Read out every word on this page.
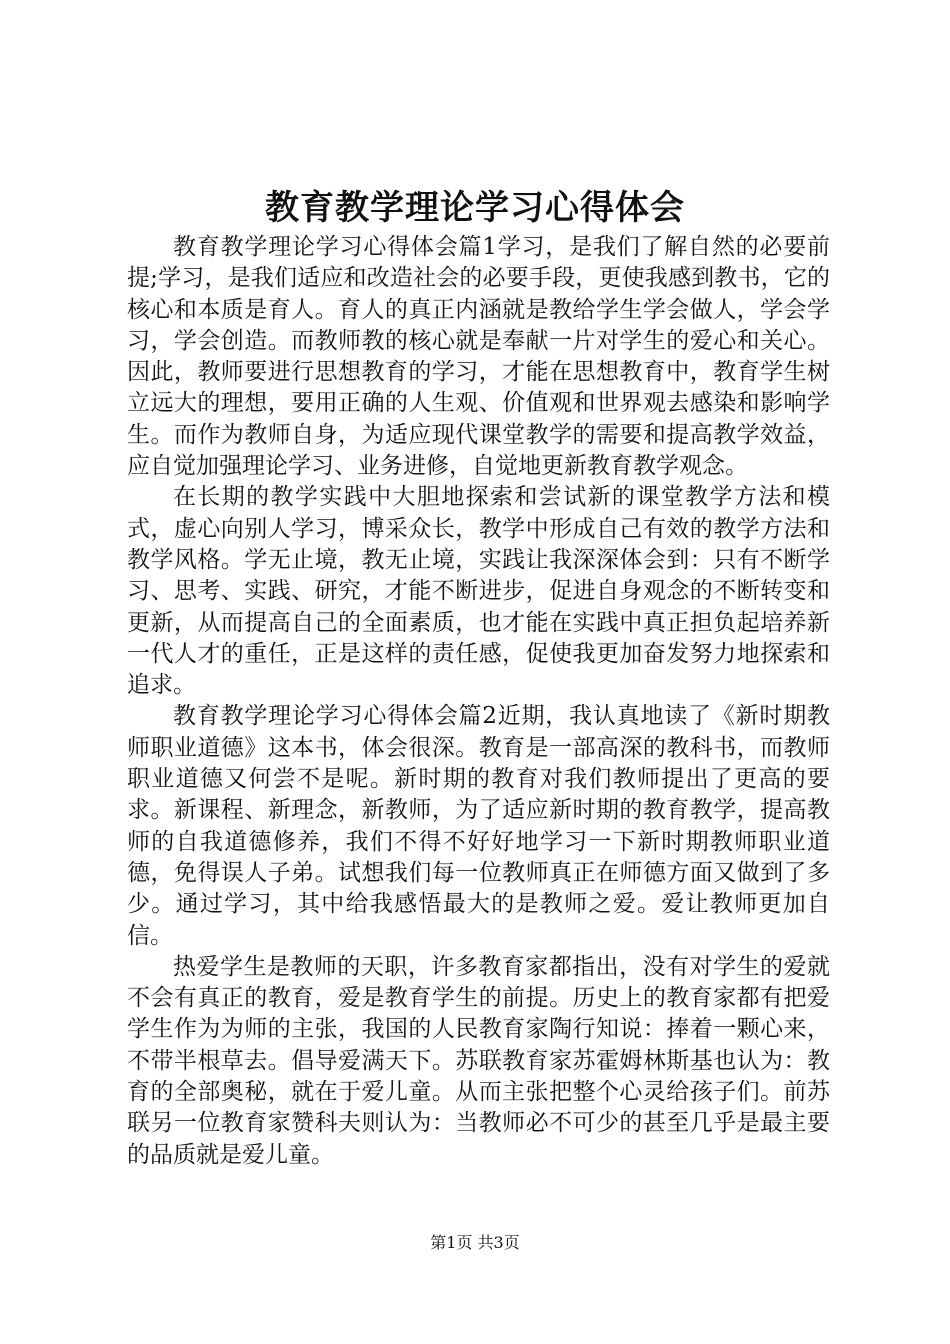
教育教学理论学习心得体会

教育教学理论学习心得体会篇1学习，是我们了解自然的必要前提;学习，是我们适应和改造社会的必要手段，更使我感到教书，它的核心和本质是育人。育人的真正内涵就是教给学生学会做人，学会学习，学会创造。而教师教的核心就是奉献一片对学生的爱心和关心。因此，教师要进行思想教育的学习，才能在思想教育中，教育学生树立远大的理想，要用正确的人生观、价值观和世界观去感染和影响学生。而作为教师自身，为适应现代课堂教学的需要和提高教学效益，应自觉加强理论学习、业务进修，自觉地更新教育教学观念。

在长期的教学实践中大胆地探索和尝试新的课堂教学方法和模式，虚心向别人学习，博采众长，教学中形成自己有效的教学方法和教学风格。学无止境，教无止境，实践让我深深体会到：只有不断学习、思考、实践、研究，才能不断进步，促进自身观念的不断转变和更新，从而提高自己的全面素质，也才能在实践中真正担负起培养新一代人才的重任，正是这样的责任感，促使我更加奋发努力地探索和追求。

教育教学理论学习心得体会篇2近期，我认真地读了《新时期教师职业道德》这本书，体会很深。教育是一部高深的教科书，而教师职业道德又何尝不是呢。新时期的教育对我们教师提出了更高的要求。新课程、新理念，新教师，为了适应新时期的教育教学，提高教师的自我道德修养，我们不得不好好地学习一下新时期教师职业道德，免得误人子弟。试想我们每一位教师真正在师德方面又做到了多少。通过学习，其中给我感悟最大的是教师之爱。爱让教师更加自信。

热爱学生是教师的天职，许多教育家都指出，没有对学生的爱就不会有真正的教育，爱是教育学生的前提。历史上的教育家都有把爱学生作为为师的主张，我国的人民教育家陶行知说：捧着一颗心来，不带半根草去。倡导爱满天下。苏联教育家苏霍姆林斯基也认为：教育的全部奥秘，就在于爱儿童。从而主张把整个心灵给孩子们。前苏联另一位教育家赞科夫则认为：当教师必不可少的甚至几乎是最主要的品质就是爱儿童。

第1页 共3页
